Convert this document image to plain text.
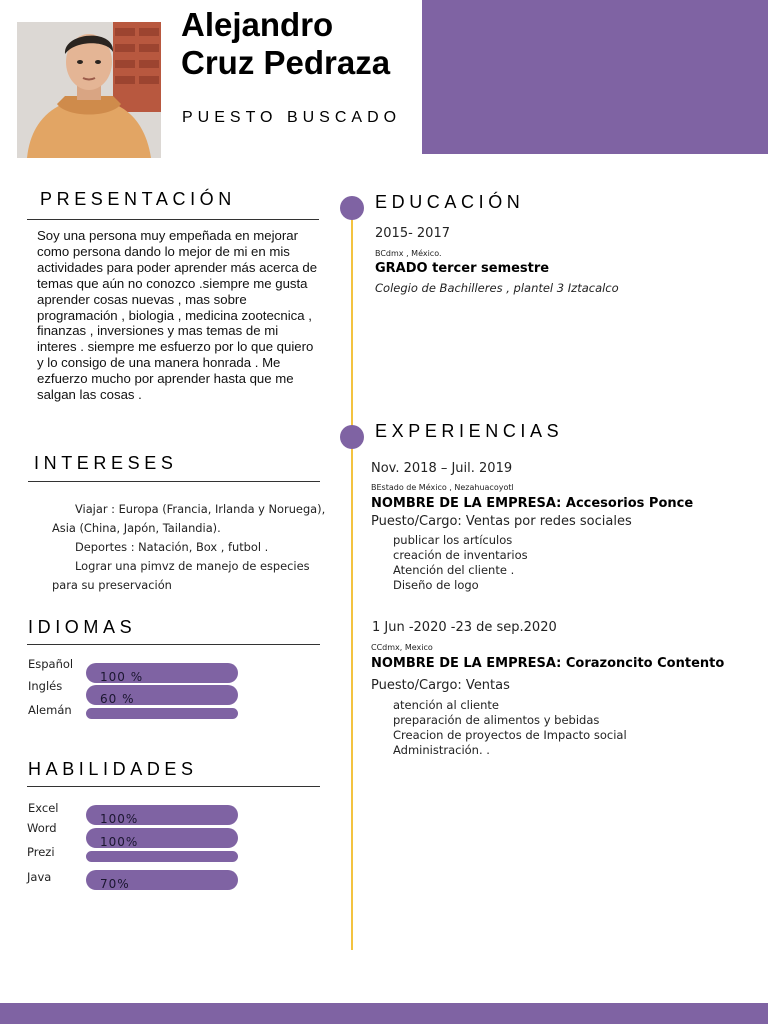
Alejandro
Cruz Pedraza
PUESTO BUSCADO
PRESENTACIÓN
Soy una persona muy empeñada en mejorar como persona dando lo mejor de mi en mis actividades para poder aprender más acerca de temas que aún no conozco .siempre me gusta aprender cosas nuevas , mas sobre programación , biologia , medicina zootecnica , finanzas , inversiones y mas temas de mi interes . siempre me esfuerzo por lo que quiero y lo consigo de una manera honrada . Me ezfuerzo mucho por aprender hasta que me salgan las cosas .
INTERESES
Viajar : Europa (Francia, Irlanda y Noruega),
Asia (China, Japón, Tailandia).
Deportes : Natación, Box , futbol .
Lograr una pimvz de manejo de especies
para su preservación
IDIOMAS
Español
100 %
Inglés
60 %
Alemán
HABILIDADES
Excel
100%
Word
100%
Prezi
Java	70%
EDUCACIÓN
2015- 2017
BCdmx , México.
GRADO tercer semestre
Colegio de Bachilleres , plantel 3 Iztacalco
EXPERIENCIAS
Nov. 2018 – Juil. 2019
BEstado de México , Nezahuacoyotl
NOMBRE DE LA EMPRESA: Accesorios Ponce
Puesto/Cargo: Ventas por redes sociales
publicar los artículos
creación de inventarios
Atención del cliente .
Diseño de logo
1 Jun -2020 -23 de sep.2020
CCdmx, Mexico
NOMBRE DE LA EMPRESA: Corazoncito Contento
Puesto/Cargo: Ventas
atención al cliente
preparación de alimentos y bebidas
Creacion de proyectos de Impacto social
Administración. .
